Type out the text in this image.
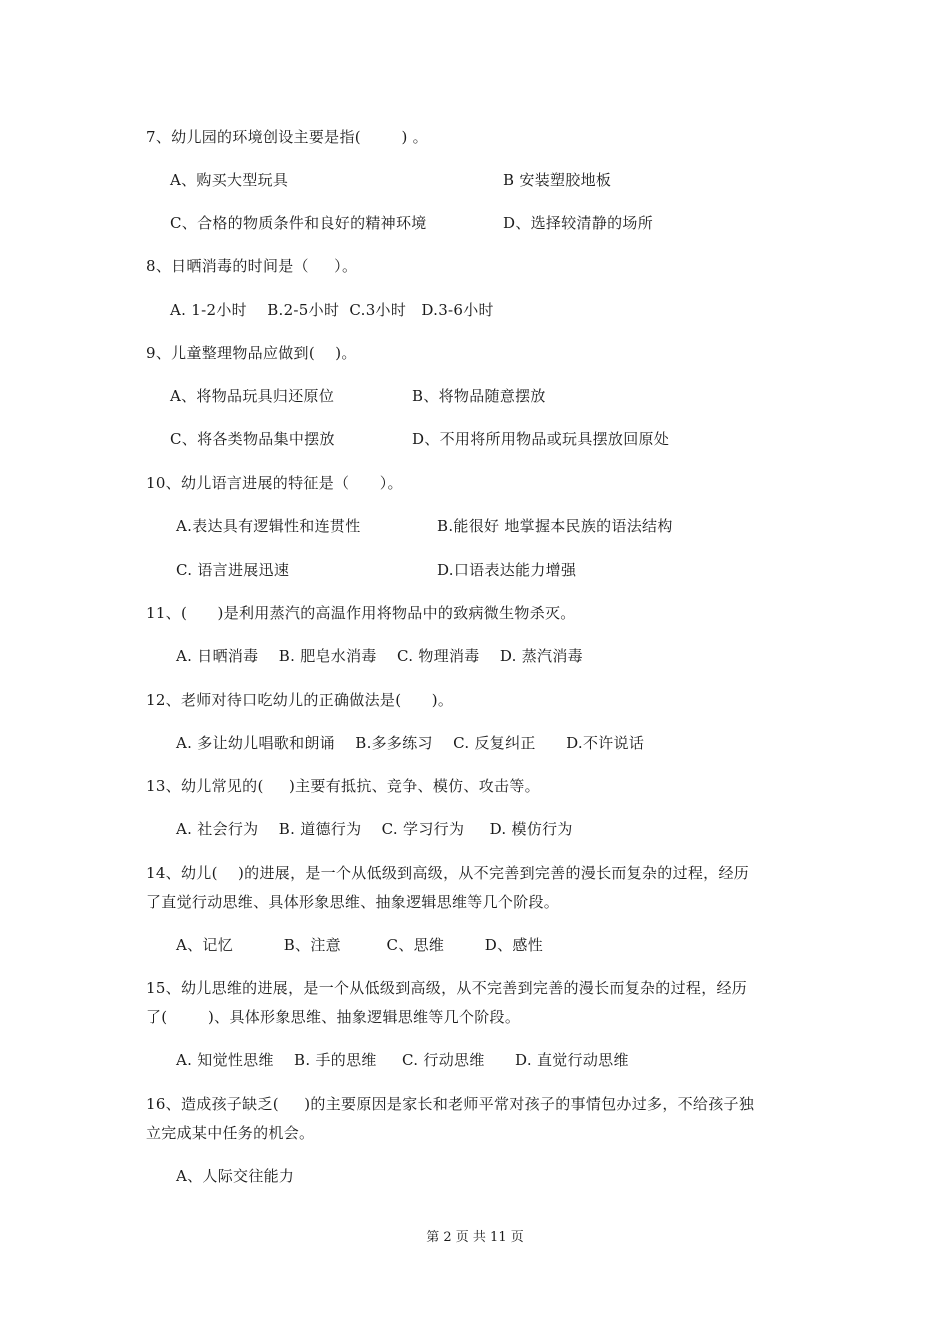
7、幼儿园的环境创设主要是指(        ) 。
A、购买大型玩具	B 安装塑胶地板
C、合格的物质条件和良好的精神环境	D、选择较清静的场所
8、日晒消毒的时间是（     ）。
A. 1-2小时    B.2-5小时  C.3小时   D.3-6小时
9、儿童整理物品应做到(    )。
A、将物品玩具归还原位	B、将物品随意摆放
C、将各类物品集中摆放	D、不用将所用物品或玩具摆放回原处
10、幼儿语言进展的特征是（      ）。
A.表达具有逻辑性和连贯性	B.能很好 地掌握本民族的语法结构
C. 语言进展迅速	D.口语表达能力增强
11、(      )是利用蒸汽的高温作用将物品中的致病微生物杀灭。
A. 日晒消毒    B. 肥皂水消毒    C. 物理消毒    D. 蒸汽消毒
12、老师对待口吃幼儿的正确做法是(      )。
A. 多让幼儿唱歌和朗诵    B.多多练习    C. 反复纠正      D.不许说话
13、幼儿常见的(     )主要有抵抗、竞争、模仿、攻击等。
A. 社会行为    B. 道德行为    C. 学习行为     D. 模仿行为
14、幼儿(    )的进展，是一个从低级到高级，从不完善到完善的漫长而复杂的过程，经历
了直觉行动思维、具体形象思维、抽象逻辑思维等几个阶段。
A、记忆          B、注意         C、思维        D、感性
15、幼儿思维的进展，是一个从低级到高级，从不完善到完善的漫长而复杂的过程，经历
了(        )、具体形象思维、抽象逻辑思维等几个阶段。
A. 知觉性思维    B. 手的思维     C. 行动思维      D. 直觉行动思维
16、造成孩子缺乏(     )的主要原因是家长和老师平常对孩子的事情包办过多，不给孩子独
立完成某中任务的机会。
A、人际交往能力
第 2 页 共 11 页
